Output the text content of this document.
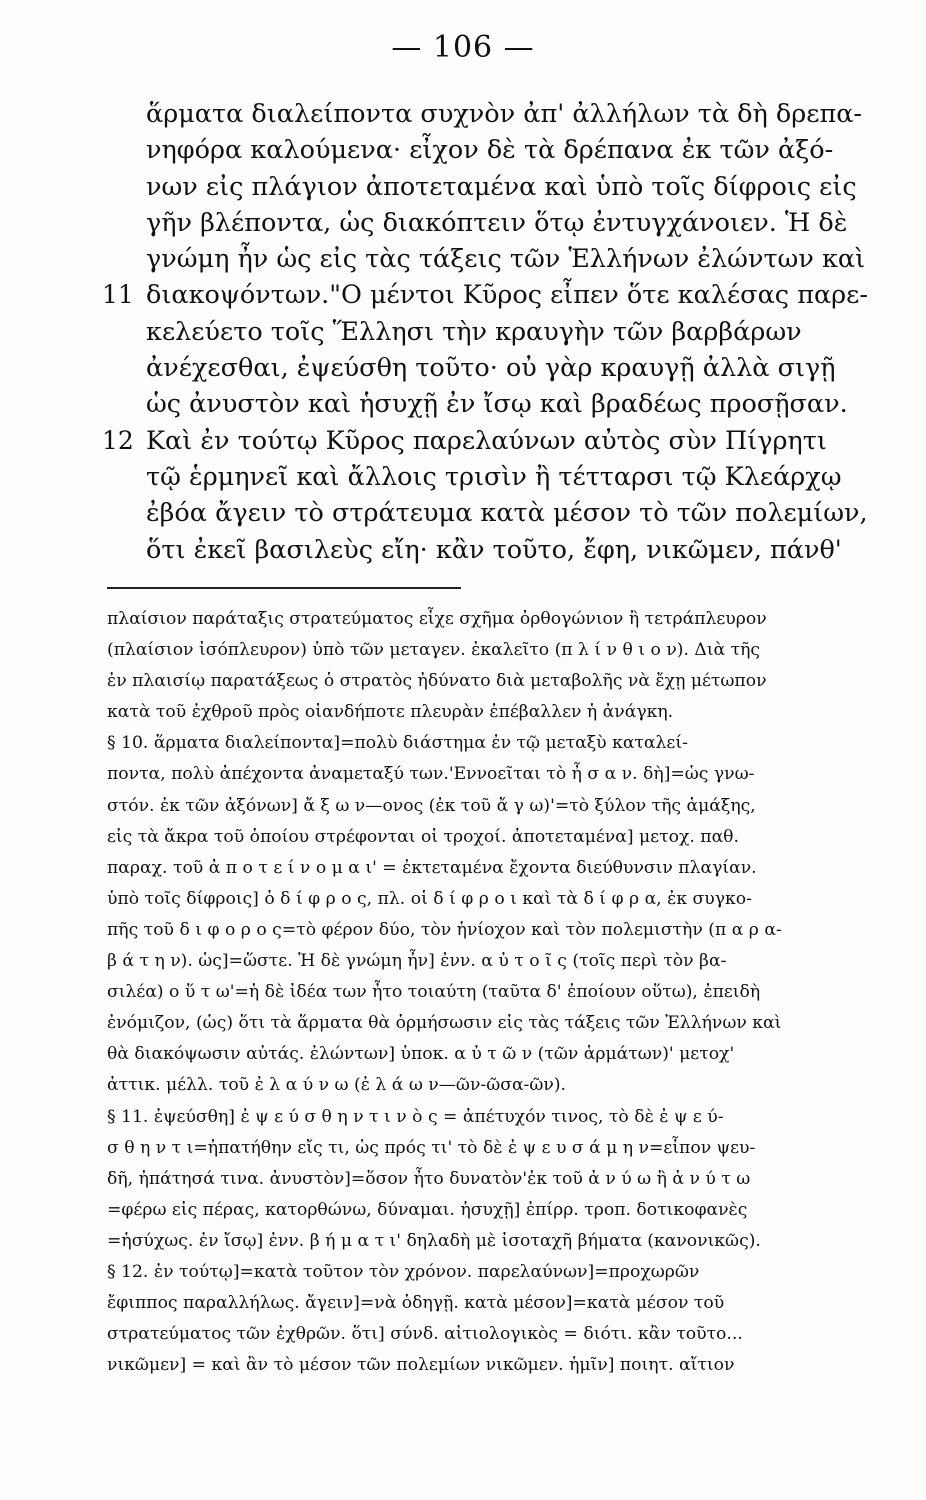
— 106 —
ἅρματα διαλείποντα συχνὸν ἀπ' ἀλλήλων τὰ δὴ δρεπα-
νηφόρα καλούμενα· εἶχον δὲ τὰ δρέπανα ἐκ τῶν ἀξό-
νων εἰς πλάγιον ἀποτεταμένα καὶ ὑπὸ τοῖς δίφροις εἰς
γῆν βλέποντα, ὡς διακόπτειν ὅτῳ ἐντυγχάνοιεν. Ἡ δὲ
γνώμη ἦν ὡς εἰς τὰς τάξεις τῶν Ἑλλήνων ἐλώντων καὶ
11 διακοψόντων."Ο μέντοι Κῦρος εἶπεν ὅτε καλέσας παρε-
κελεύετο τοῖς Ἕλλησι τὴν κραυγὴν τῶν βαρβάρων
ἀνέχεσθαι, ἐψεύσθη τοῦτο· οὐ γὰρ κραυγῇ ἀλλὰ σιγῇ
ὡς ἀνυστὸν καὶ ἡσυχῇ ἐν ἴσῳ καὶ βραδέως προσῇσαν.
12 Καὶ ἐν τούτῳ Κῦρος παρελαύνων αὐτὸς σὺν Πίγρητι
τῷ ἑρμηνεῖ καὶ ἄλλοις τρισὶν ἢ τέτταρσι τῷ Κλεάρχῳ
ἐβόα ἄγειν τὸ στράτευμα κατὰ μέσον τὸ τῶν πολεμίων,
ὅτι ἐκεῖ βασιλεὺς εἴη· κἂν τοῦτο, ἔφη, νικῶμεν, πάνθ'
πλαίσιον παράταξις στρατεύματος εἶχε σχῆμα ὀρθογώνιον ἢ τετράπλευρον
(πλαίσιον ἰσόπλευρον) ὑπὸ τῶν μεταγεν. ἐκαλεῖτο (π λ ί ν θ ι ο ν). Διὰ τῆς
ἐν πλαισίῳ παρατάξεως ὁ στρατὸς ἠδύνατο διὰ μεταβολῆς νὰ ἔχῃ μέτωπον
κατὰ τοῦ ἐχθροῦ πρὸς οἱανδήποτε πλευρὰν ἐπέβαλλεν ἡ ἀνάγκη.
§ 10. ἅρματα διαλείποντα]=πολὺ διάστημα ἐν τῷ μεταξὺ καταλεί-
ποντα, πολὺ ἀπέχοντα ἀναμεταξύ των.'Εννοεῖται τὸ ἦ σ α ν. δὴ]=ὡς γνω-
στόν. ἐκ τῶν ἀξόνων] ἄ ξ ω ν—ονος (ἐκ τοῦ ἄ γ ω)'=τὸ ξύλον τῆς ἁμάξης,
εἰς τὰ ἄκρα τοῦ ὁποίου στρέφονται οἱ τροχοί. ἀποτεταμένα] μετοχ. παθ.
παραχ. τοῦ ἀ π ο τ ε ί ν ο μ α ι' = ἐκτεταμένα ἔχοντα διεύθυνσιν πλαγίαν.
ὑπὸ τοῖς δίφροις] ὁ δ ί φ ρ ο ς, πλ. οἱ δ ί φ ρ ο ι καὶ τὰ δ ί φ ρ α, ἐκ συγκο-
πῆς τοῦ δ ι φ ο ρ ο ς=τὸ φέρον δύο, τὸν ἡνίοχον καὶ τὸν πολεμιστὴν (π α ρ α-
β ά τ η ν). ὡς]=ὥστε. Ἡ δὲ γνώμη ἦν] ἐνν. α ὐ τ ο ῖ ς (τοῖς περὶ τὸν βα-
σιλέα) ο ὕ τ ω'=ἡ δὲ ἰδέα των ἦτο τοιαύτη (ταῦτα δ' ἐποίουν οὕτω), ἐπειδὴ
ἐνόμιζον, (ὡς) ὅτι τὰ ἅρματα θὰ ὁρμήσωσιν εἰς τὰς τάξεις τῶν Ἑλλήνων καὶ
θὰ διακόψωσιν αὐτάς. ἐλώντων] ὑποκ. α ὐ τ ῶ ν (τῶν ἁρμάτων)' μετοχ'
ἀττικ. μέλλ. τοῦ ἐ λ α ύ ν ω (ἐ λ ά ω ν—ῶν-ῶσα-ῶν).
§ 11. ἐψεύσθη] ἐ ψ ε ύ σ θ η ν τ ι ν ὸ ς = ἀπέτυχόν τινος, τὸ δὲ ἐ ψ ε ύ-
σ θ η ν τ ι=ἠπατήθην εἴς τι, ὡς πρός τι' τὸ δὲ ἐ ψ ε υ σ ά μ η ν=εἶπον ψευ-
δῆ, ἠπάτησά τινα. ἀνυστὸν]=ὅσον ἦτο δυνατὸν'ἐκ τοῦ ἀ ν ύ ω ἢ ἀ ν ύ τ ω
=φέρω εἰς πέρας, κατορθώνω, δύναμαι. ἡσυχῇ] ἐπίρρ. τροπ. δοτικοφανὲς
=ἡσύχως. ἐν ἴσῳ] ἐνν. β ή μ α τ ι' δηλαδὴ μὲ ἰσοταχῆ βήματα (κανονικῶς).
§ 12. ἐν τούτῳ]=κατὰ τοῦτον τὸν χρόνον. παρελαύνων]=προχωρῶν
ἔφιππος παραλλήλως. ἄγειν]=νὰ ὁδηγῇ. κατὰ μέσον]=κατὰ μέσον τοῦ
στρατεύματος τῶν ἐχθρῶν. ὅτι] σύνδ. αἰτιολογικὸς = διότι. κἂν τοῦτο...
νικῶμεν] = καὶ ἂν τὸ μέσον τῶν πολεμίων νικῶμεν. ἡμῖν] ποιητ. αἴτιον
